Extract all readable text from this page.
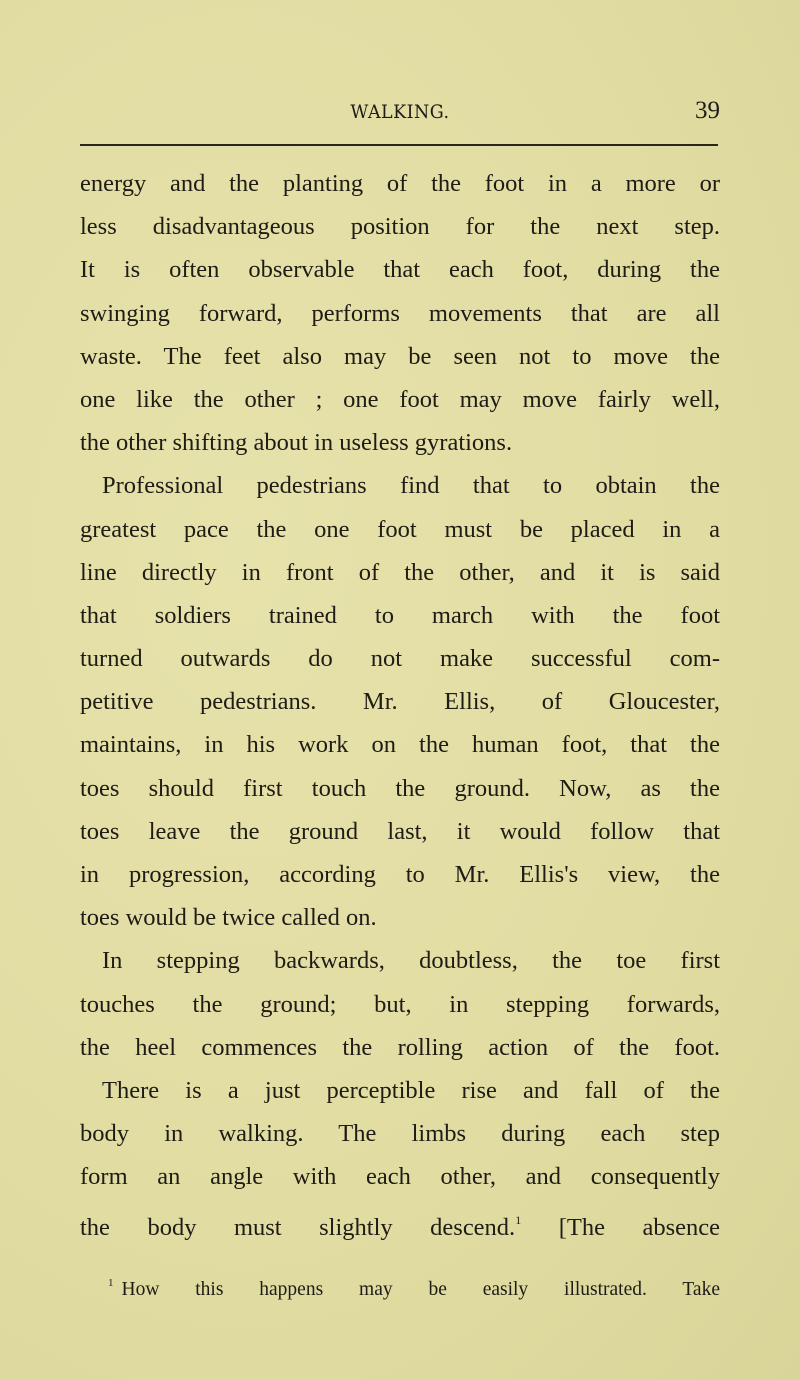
WALKING.	39
energy and the planting of the foot in a more or
less disadvantageous position for the next step.
It is often observable that each foot, during the
swinging forward, performs movements that are all
waste. The feet also may be seen not to move the
one like the other ; one foot may move fairly well,
the other shifting about in useless gyrations.
Professional pedestrians find that to obtain the
greatest pace the one foot must be placed in a
line directly in front of the other, and it is said
that soldiers trained to march with the foot
turned outwards do not make successful com-
petitive pedestrians. Mr. Ellis, of Gloucester,
maintains, in his work on the human foot, that the
toes should first touch the ground. Now, as the
toes leave the ground last, it would follow that
in progression, according to Mr. Ellis's view, the
toes would be twice called on.
In stepping backwards, doubtless, the toe first
touches the ground; but, in stepping forwards,
the heel commences the rolling action of the foot.
There is a just perceptible rise and fall of the
body in walking. The limbs during each step
form an angle with each other, and consequently
the body must slightly descend.$^1$ [The absence
$^1$ How this happens may be easily illustrated. Take
